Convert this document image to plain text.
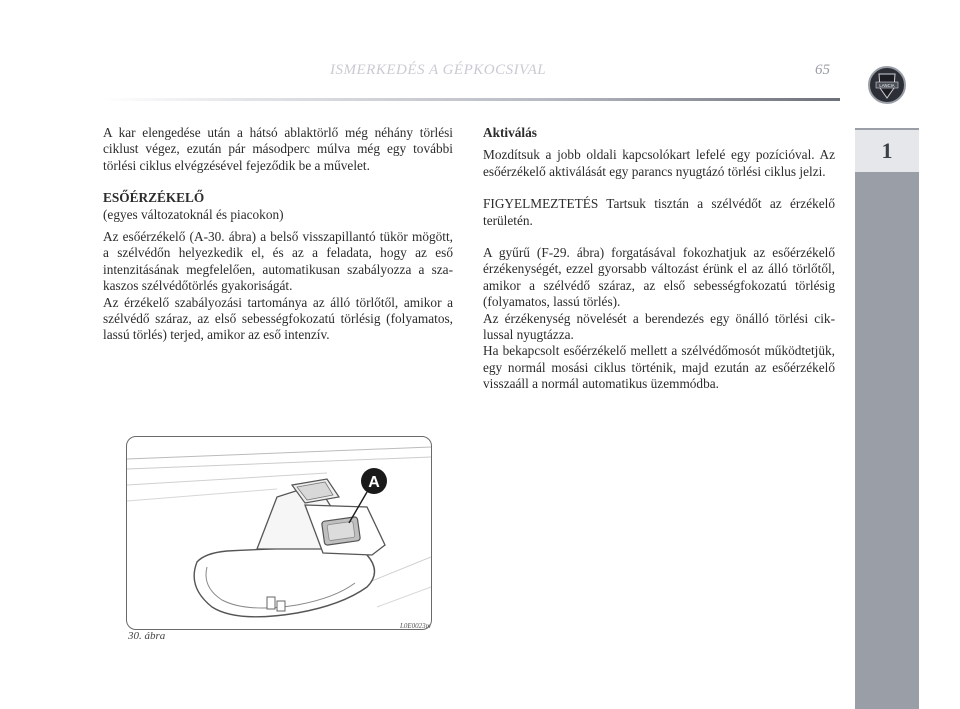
ISMERKEDÉS A GÉPKOCSIVAL	65
LANCIA
1

A kar elengedése után a hátsó ablaktörlő még néhány törlési ciklust végez, ezután pár másodperc múlva még egy további törlési ciklus elvégzésével fejeződik be a művelet.

ESŐÉRZÉKELŐ

(egyes változatoknál és piacokon)

Az esőérzékelő (A-30. ábra) a belső visszapillantó tükör mögött, a szélvédőn helyezkedik el, és az a feladata, hogy az eső intenzitásának megfelelően, automatikusan szabályozza a szakaszos szélvédőtörlés gyakoriságát.

Az érzékelő szabályozási tartománya az álló törlőtől, amikor a szélvédő száraz, az első sebességfokozatú törlésig (folyamatos, lassú törlés) terjed, amikor az eső intenzív.

Aktiválás

Mozdítsuk a jobb oldali kapcsolókart lefelé egy pozícióval. Az esőérzékelő aktiválását egy parancs nyugtázó törlési ciklus jelzi.

FIGYELMEZTETÉS Tartsuk tisztán a szélvédőt az érzékelő területén.

A gyűrű (F-29. ábra) forgatásával fokozhatjuk az esőérzékelő érzékenységét, ezzel gyorsabb változást érünk el az álló törlőtől, amikor a szélvédő száraz, az első sebességfokozatú törlésig (folyamatos, lassú törlés).

Az érzékenység növelését a berendezés egy önálló törlési ciklussal nyugtázza.

Ha bekapcsolt esőérzékelő mellett a szélvédőmosót működtetjük, egy normál mosási ciklus történik, majd ezután az esőérzékelő visszaáll a normál automatikus üzemmódba.

A
30. ábra
L0E0023m
